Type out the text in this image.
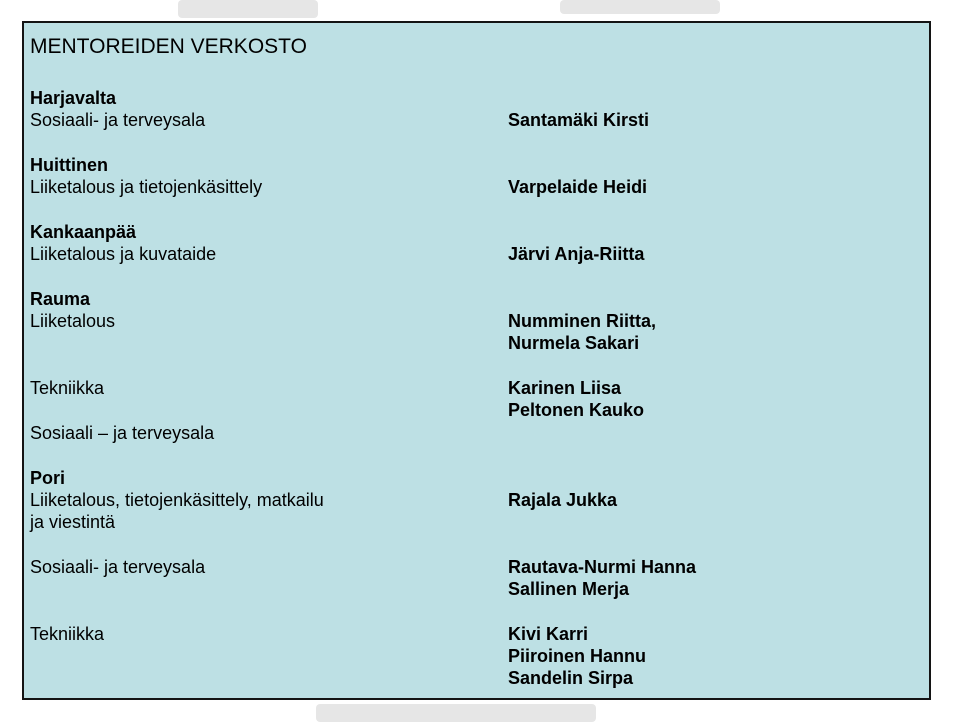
MENTOREIDEN VERKOSTO
Harjavalta
Sosiaali- ja terveysala
Huittinen
Liiketalous ja tietojenkäsittely
Kankaanpää
Liiketalous ja kuvataide
Rauma
Liiketalous
Tekniikka
Sosiaali – ja terveysala
Pori
Liiketalous, tietojenkäsittely, matkailu
ja viestintä
Sosiaali- ja terveysala
Tekniikka
Santamäki Kirsti
Varpelaide Heidi
Järvi Anja-Riitta
Numminen Riitta,
Nurmela Sakari
Karinen Liisa
Peltonen Kauko
Rajala Jukka
Rautava-Nurmi Hanna
Sallinen Merja
Kivi Karri
Piiroinen Hannu
Sandelin Sirpa
